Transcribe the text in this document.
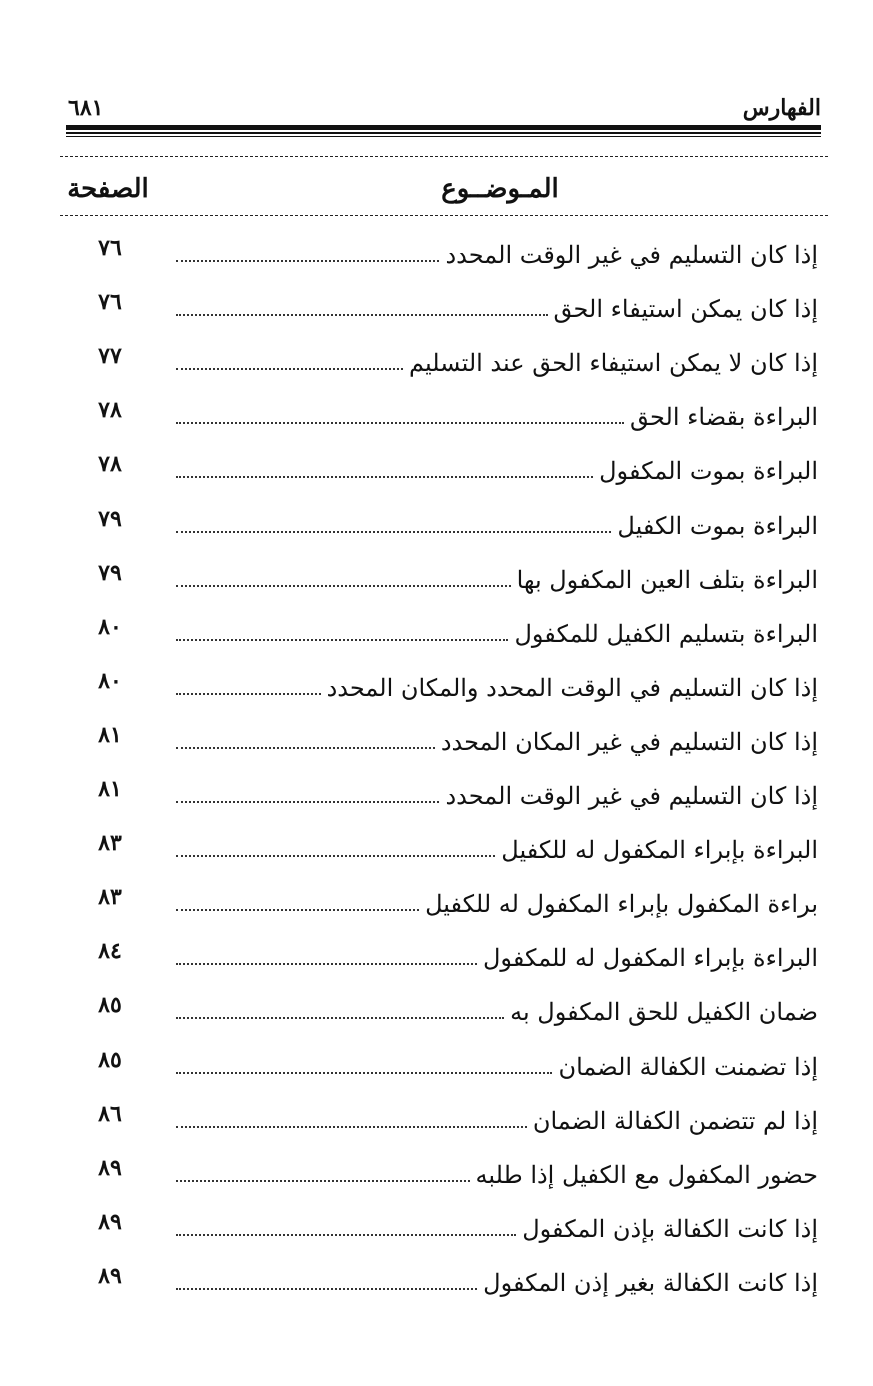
الفهارس
٦٨١
المـوضــوع
الصفحة
إذا كان التسليم في غير الوقت المحدد
٧٦
إذا كان يمكن استيفاء الحق
٧٦
إذا كان لا يمكن استيفاء الحق عند التسليم
٧٧
البراءة بقضاء الحق
٧٨
البراءة بموت المكفول
٧٨
البراءة بموت الكفيل
٧٩
البراءة بتلف العين المكفول بها
٧٩
البراءة بتسليم الكفيل للمكفول
٨٠
إذا كان التسليم في الوقت المحدد والمكان المحدد
٨٠
إذا كان التسليم في غير المكان المحدد
٨١
إذا كان التسليم في غير الوقت المحدد
٨١
البراءة بإبراء المكفول له للكفيل
٨٣
براءة المكفول بإبراء المكفول له للكفيل
٨٣
البراءة بإبراء المكفول له للمكفول
٨٤
ضمان الكفيل للحق المكفول به
٨٥
إذا تضمنت الكفالة الضمان
٨٥
إذا لم تتضمن الكفالة الضمان
٨٦
حضور المكفول مع الكفيل إذا طلبه
٨٩
إذا كانت الكفالة بإذن المكفول
٨٩
إذا كانت الكفالة بغير إذن المكفول
٨٩
